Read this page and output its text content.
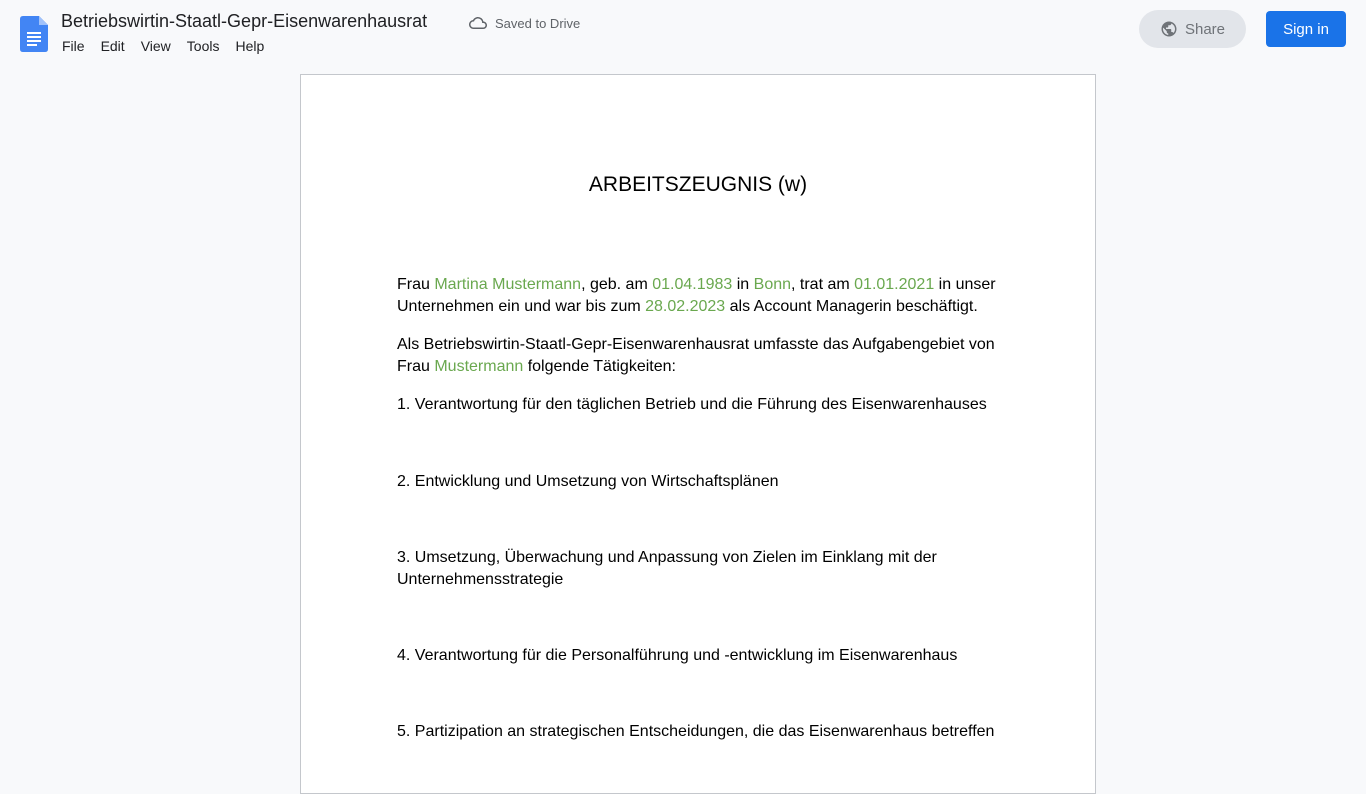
Betriebswirtin-Staatl-Gepr-Eisenwarenhausrat	Saved to Drive
File	Edit	View	Tools	Help
Share	Sign in
ARBEITSZEUGNIS (w)
Frau Martina Mustermann, geb. am 01.04.1983 in Bonn, trat am 01.01.2021 in unser Unternehmen ein und war bis zum 28.02.2023 als Account Managerin beschäftigt.
Als Betriebswirtin-Staatl-Gepr-Eisenwarenhausrat umfasste das Aufgabengebiet von Frau Mustermann folgende Tätigkeiten:
1. Verantwortung für den täglichen Betrieb und die Führung des Eisenwarenhauses
2. Entwicklung und Umsetzung von Wirtschaftsplänen
3. Umsetzung, Überwachung und Anpassung von Zielen im Einklang mit der Unternehmensstrategie
4. Verantwortung für die Personalführung und -entwicklung im Eisenwarenhaus
5. Partizipation an strategischen Entscheidungen, die das Eisenwarenhaus betreffen
